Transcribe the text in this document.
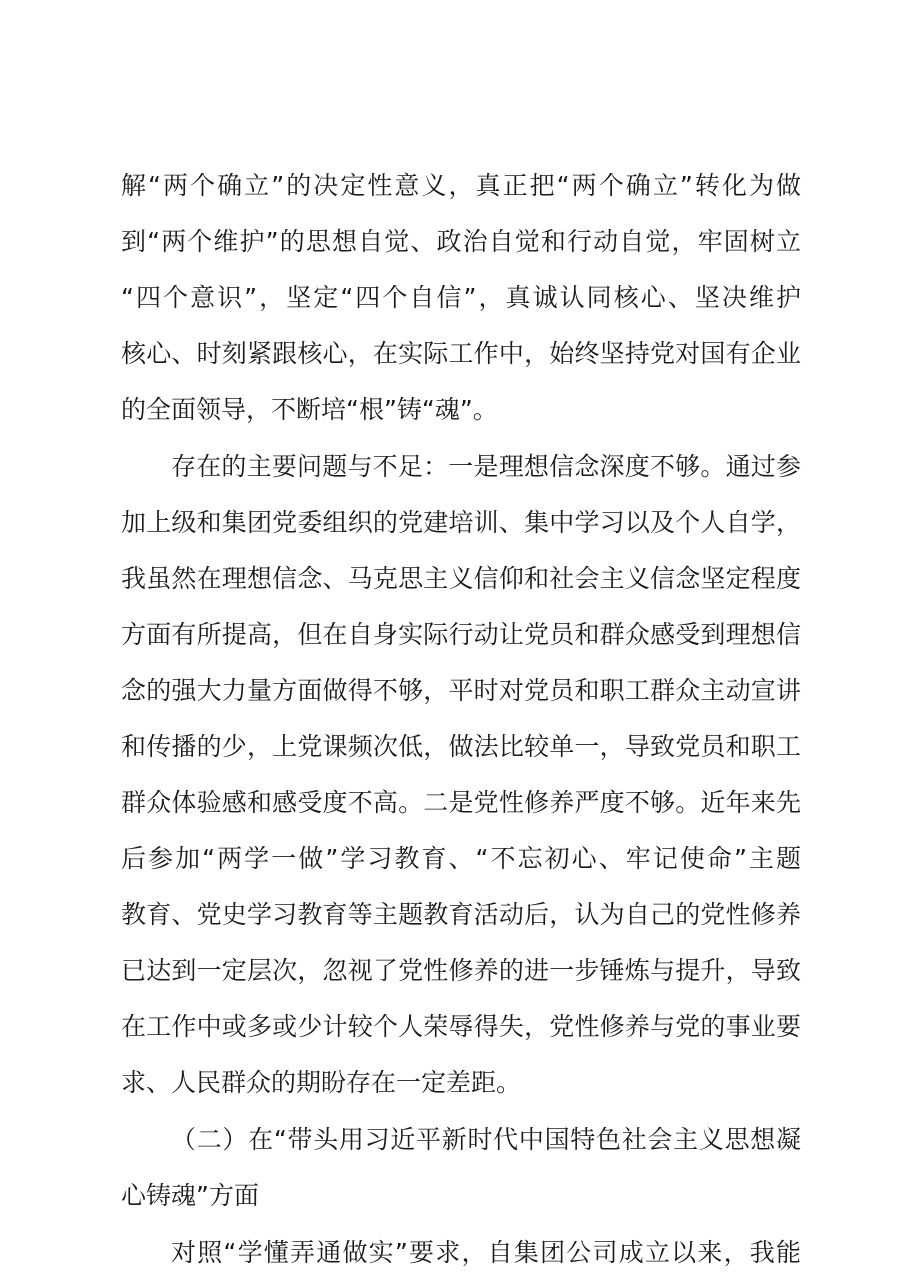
解“两个确立”的决定性意义，真正把“两个确立”转化为做

到“两个维护”的思想自觉、政治自觉和行动自觉，牢固树立

“四个意识”，坚定“四个自信”，真诚认同核心、坚决维护

核心、时刻紧跟核心，在实际工作中，始终坚持党对国有企业

的全面领导，不断培“根”铸“魂”。

存在的主要问题与不足：一是理想信念深度不够。通过参

加上级和集团党委组织的党建培训、集中学习以及个人自学，

我虽然在理想信念、马克思主义信仰和社会主义信念坚定程度

方面有所提高，但在自身实际行动让党员和群众感受到理想信

念的强大力量方面做得不够，平时对党员和职工群众主动宣讲

和传播的少，上党课频次低，做法比较单一，导致党员和职工

群众体验感和感受度不高。二是党性修养严度不够。近年来先

后参加“两学一做”学习教育、“不忘初心、牢记使命”主题

教育、党史学习教育等主题教育活动后，认为自己的党性修养

已达到一定层次，忽视了党性修养的进一步锤炼与提升，导致

在工作中或多或少计较个人荣辱得失，党性修养与党的事业要

求、人民群众的期盼存在一定差距。

（二）在“带头用习近平新时代中国特色社会主义思想凝

心铸魂”方面

对照“学懂弄通做实”要求，自集团公司成立以来，我能
